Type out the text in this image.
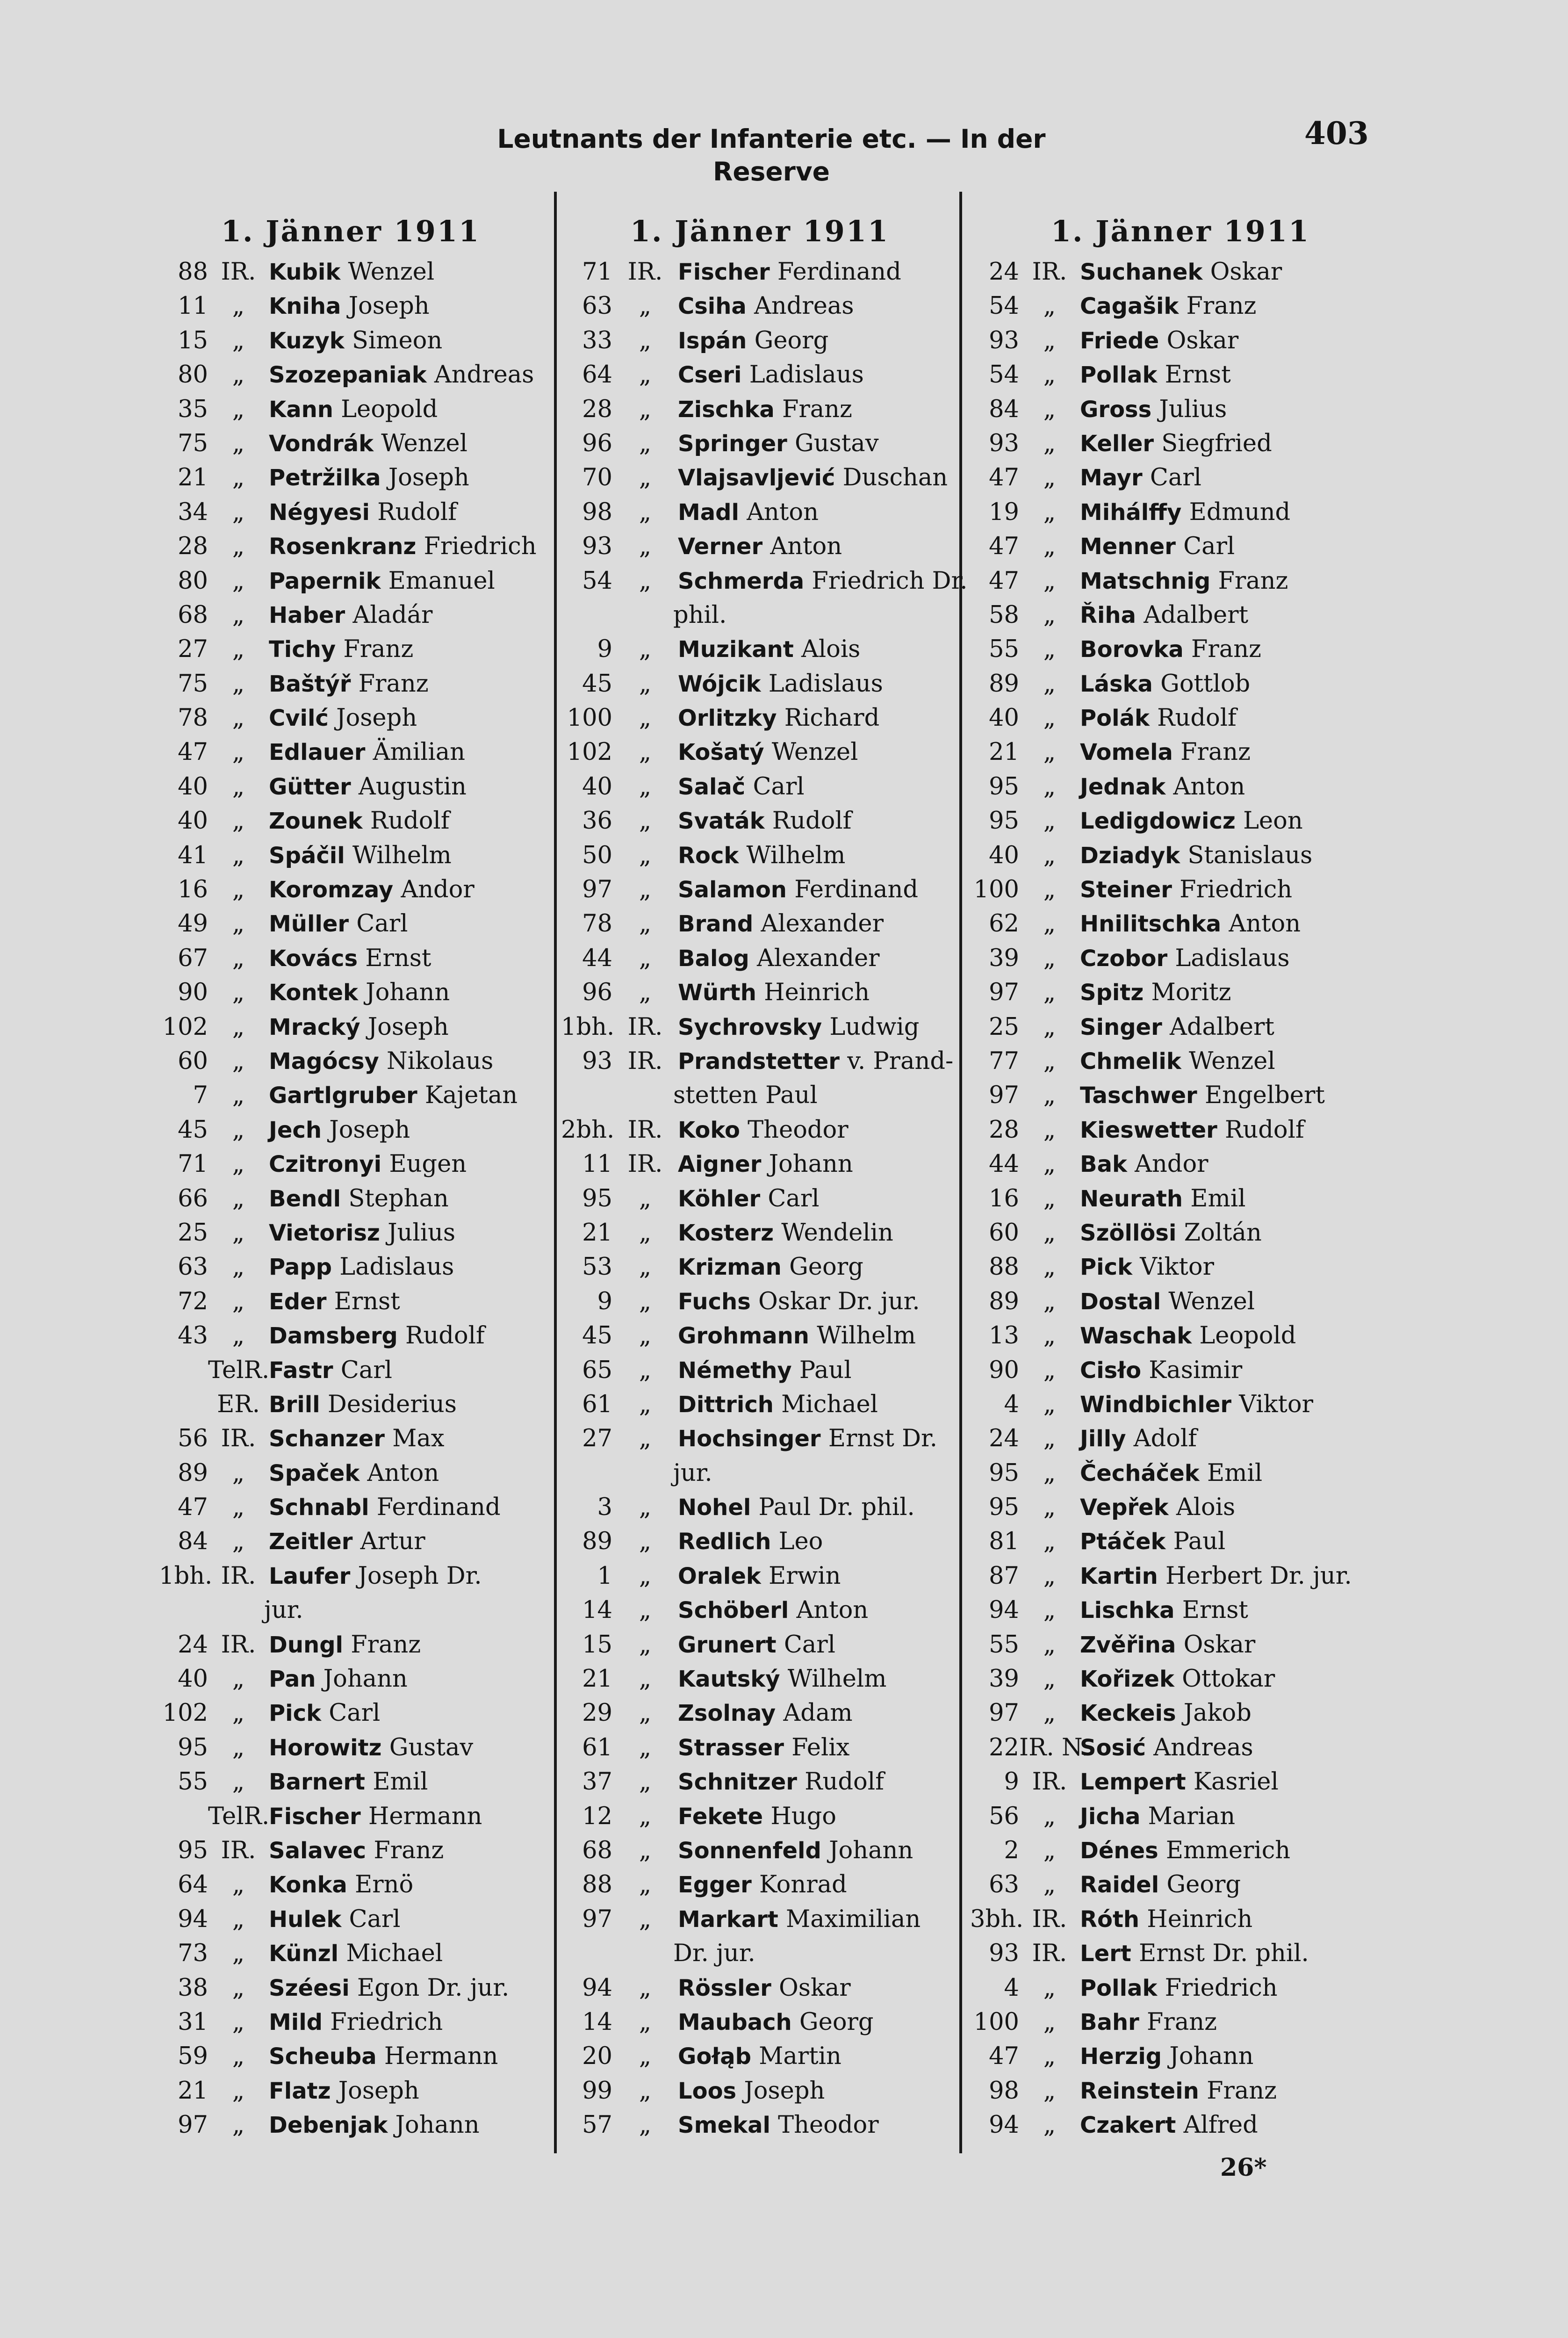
Leutnants der Infanterie etc. — In der Reserve
403
1. Jänner 1911
88 IR. Kubik Wenzel
11 „ Kniha Joseph
15 „ Kuzyk Simeon
80 „ Szozepaniak Andreas
35 „ Kann Leopold
75 „ Vondrák Wenzel
21 „ Petržilka Joseph
34 „ Négyesi Rudolf
28 „ Rosenkranz Friedrich
80 „ Papernik Emanuel
68 „ Haber Aladár
27 „ Tichy Franz
75 „ Baštýř Franz
78 „ Cvilć Joseph
47 „ Edlauer Ämilian
40 „ Gütter Augustin
40 „ Zounek Rudolf
41 „ Spáčil Wilhelm
16 „ Koromzay Andor
49 „ Müller Carl
67 „ Kovács Ernst
90 „ Kontek Johann
102 „ Mracký Joseph
60 „ Magócsy Nikolaus
7 „ Gartlgruber Kajetan
45 „ Jech Joseph
71 „ Czitronyi Eugen
66 „ Bendl Stephan
25 „ Vietorisz Julius
63 „ Papp Ladislaus
72 „ Eder Ernst
43 „ Damsberg Rudolf
TelR.Fastr Carl
ER. Brill Desiderius
56 IR. Schanzer Max
89 „ Spaček Anton
47 „ Schnabl Ferdinand
84 „ Zeitler Artur
1bh. IR. Laufer Joseph Dr.
jur.
24 IR. Dungl Franz
40 „ Pan Johann
102 „ Pick Carl
95 „ Horowitz Gustav
55 „ Barnert Emil
TelR.Fischer Hermann
95 IR. Salavec Franz
64 „ Konka Ernö
94 „ Hulek Carl
73 „ Künzl Michael
38 „ Széesi Egon Dr. jur.
31 „ Mild Friedrich
59 „ Scheuba Hermann
21 „ Flatz Joseph
97 „ Debenjak Johann
1. Jänner 1911
71 IR. Fischer Ferdinand
63 „ Csiha Andreas
33 „ Ispán Georg
64 „ Cseri Ladislaus
28 „ Zischka Franz
96 „ Springer Gustav
70 „ Vlajsavljević Duschan
98 „ Madl Anton
93 „ Verner Anton
54 „ Schmerda Friedrich Dr.
phil.
9 „ Muzikant Alois
45 „ Wójcik Ladislaus
100 „ Orlitzky Richard
102 „ Košatý Wenzel
40 „ Salač Carl
36 „ Svaták Rudolf
50 „ Rock Wilhelm
97 „ Salamon Ferdinand
78 „ Brand Alexander
44 „ Balog Alexander
96 „ Würth Heinrich
1bh. IR. Sychrovsky Ludwig
93 IR. Prandstetter v. Prand-
stetten Paul
2bh. IR. Koko Theodor
11 IR. Aigner Johann
95 „ Köhler Carl
21 „ Kosterz Wendelin
53 „ Krizman Georg
9 „ Fuchs Oskar Dr. jur.
45 „ Grohmann Wilhelm
65 „ Némethy Paul
61 „ Dittrich Michael
27 „ Hochsinger Ernst Dr.
jur.
3 „ Nohel Paul Dr. phil.
89 „ Redlich Leo
1 „ Oralek Erwin
14 „ Schöberl Anton
15 „ Grunert Carl
21 „ Kautský Wilhelm
29 „ Zsolnay Adam
61 „ Strasser Felix
37 „ Schnitzer Rudolf
12 „ Fekete Hugo
68 „ Sonnenfeld Johann
88 „ Egger Konrad
97 „ Markart Maximilian
Dr. jur.
94 „ Rössler Oskar
14 „ Maubach Georg
20 „ Gołąb Martin
99 „ Loos Joseph
57 „ Smekal Theodor
1. Jänner 1911
24 IR. Suchanek Oskar
54 „ Cagašik Franz
93 „ Friede Oskar
54 „ Pollak Ernst
84 „ Gross Julius
93 „ Keller Siegfried
47 „ Mayr Carl
19 „ Mihálffy Edmund
47 „ Menner Carl
47 „ Matschnig Franz
58 „ Řiha Adalbert
55 „ Borovka Franz
89 „ Láska Gottlob
40 „ Polák Rudolf
21 „ Vomela Franz
95 „ Jednak Anton
95 „ Ledigdowicz Leon
40 „ Dziadyk Stanislaus
100 „ Steiner Friedrich
62 „ Hnilitschka Anton
39 „ Czobor Ladislaus
97 „ Spitz Moritz
25 „ Singer Adalbert
77 „ Chmelik Wenzel
97 „ Taschwer Engelbert
28 „ Kieswetter Rudolf
44 „ Bak Andor
16 „ Neurath Emil
60 „ Szöllösi Zoltán
88 „ Pick Viktor
89 „ Dostal Wenzel
13 „ Waschak Leopold
90 „ Cisło Kasimir
4 „ Windbichler Viktor
24 „ Jilly Adolf
95 „ Čecháček Emil
95 „ Vepřek Alois
81 „ Ptáček Paul
87 „ Kartin Herbert Dr. jur.
94 „ Lischka Ernst
55 „ Zvěřina Oskar
39 „ Kořizek Ottokar
97 „ Keckeis Jakob
22IR. N.Sosić Andreas
9 IR. Lempert Kasriel
56 „ Jicha Marian
2 „ Dénes Emmerich
63 „ Raidel Georg
3bh. IR. Róth Heinrich
93 IR. Lert Ernst Dr. phil.
4 „ Pollak Friedrich
100 „ Bahr Franz
47 „ Herzig Johann
98 „ Reinstein Franz
94 „ Czakert Alfred
26*
